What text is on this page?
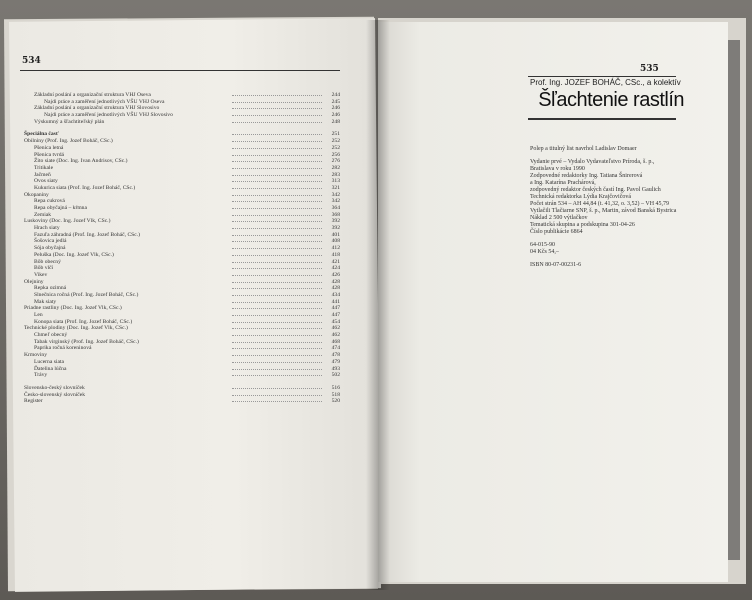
534
Základní poslání a organizační struktura VHJ Oseva	244
Najdi práce a zaměření jednotlivých VŠU VHJ Oseva	245
Základní poslání a organizační struktura VHJ Slovosivo	246
Najdi práce a zaměření jednotlivých VŠU VHJ Slovosivo	246
Výskumný a šľachtiteľský plán	248
Špeciálna časť	251
Obilniny (Prof. Ing. Jozef Boháč, CSc.)	252
Pšenica letná	252
Pšenica tvrdá	256
Žito siate (Doc. Ing. Ivan Andrisov, CSc.)	276
Tritikale	282
Jačmeň	283
Ovos siaty	313
Kukurica siata (Prof. Ing. Jozef Boháč, CSc.)	321
Okopaniny	342
Repa cukrová	342
Repa obyčajná – kŕmna	364
Zemiak	368
Luskoviny (Doc. Ing. Jozef Vlk, CSc.)	392
Hrach siaty	392
Fazuľa záhradná (Prof. Ing. Jozef Boháč, CSc.)	401
Šošovica jedlá	408
Sója obyčajná	412
Peluška (Doc. Ing. Jozef Vlk, CSc.)	418
Bôb obecný	421
Bôb vlčí	424
Vikev	426
Olejniny	428
Repka ozimná	428
Slnečnica ročná (Prof. Ing. Jozef Boháč, CSc.)	434
Mak siaty	441
Priadne rastliny (Doc. Ing. Jozef Vlk, CSc.)	447
Len	447
Konopa siata (Prof. Ing. Jozef Boháč, CSc.)	454
Technické plodiny (Doc. Ing. Jozef Vlk, CSc.)	462
Chmeľ obecný	462
Tabak virginský (Prof. Ing. Jozef Boháč, CSc.)	468
Paprika ročná koreninová	474
Krmoviny	478
Lucerna siata	479
Ďatelina lúčna	493
Trávy	502
Slovensko-český slovníček	516
Česko-slovenský slovníček	518
Register	520
535
Prof. Ing. JOZEF BOHÁČ, CSc., a kolektív
Šľachtenie rastlín
Polep a titulný list navrhol Ladislav Domaer
Vydanie prvé – Vydalo Vydavateľstvo Príroda, š. p.,
Bratislava v roku 1990
Zodpovedné redaktorky Ing. Tatiana Šnirerová
a Ing. Katarína Prachárová,
zodpovedný redaktor českých častí Ing. Pavol Gaulich
Technická redaktorka Lýdia Krajčovičová
Počet strán 534 – AH 44,84 (t. 41,32, o. 3,52) – VH 45,79
Vytlačili Tlačiarne SNP, š. p., Martin, závod Banská Bystrica
Náklad 2 500 výtlačkov
Tematická skupina a podskupina 301-04-26
Číslo publikácie 6864
64-015-90
04 Kčs 54,–
ISBN 80-07-00231-6
